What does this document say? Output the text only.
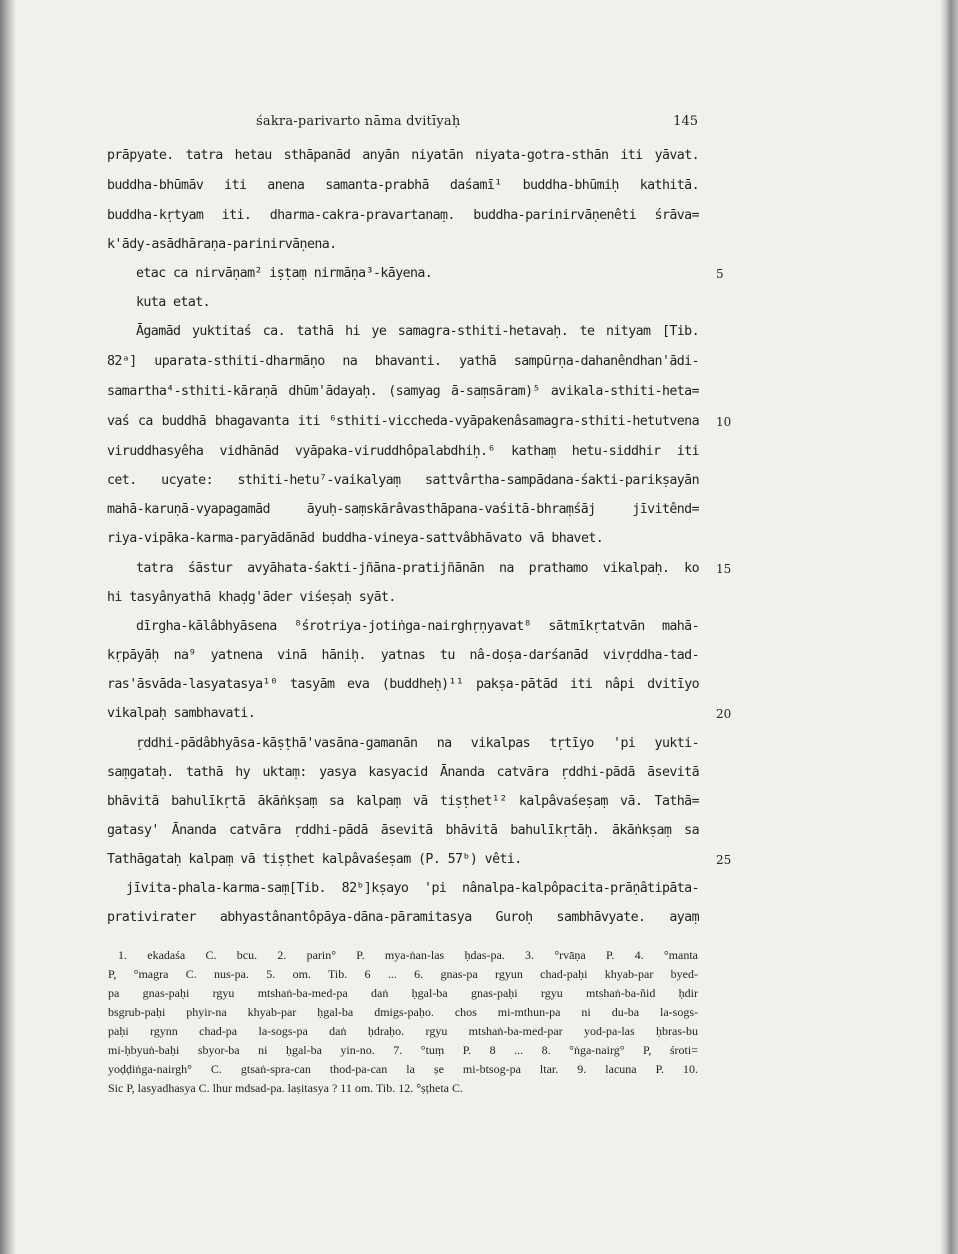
śakra-parivarto nāma dvitīyaḥ	145
prāpyate. tatra hetau sthāpanād anyān niyatān niyata-gotra-sthān iti yāvat.
buddha-bhūmāv iti anena samanta-prabhā daśamī¹ buddha-bhūmiḥ kathitā.
buddha-kṛtyam iti. dharma-cakra-pravartanaṃ. buddha-parinirvāṇenêti śrāva=
k'ādy-asādhāraṇa-parinirvāṇena.
etac ca nirvāṇam² iṣṭaṃ nirmāṇa³-kāyena.
kuta etat.
Āgamād yuktitaś ca. tathā hi ye samagra-sthiti-hetavaḥ. te nityam [Tib.
82ᵃ] uparata-sthiti-dharmāṇo na bhavanti. yathā sampūrṇa-dahanêndhan'ādi-
samartha⁴-sthiti-kāraṇā dhūm'ādayaḥ. (samyag ā-saṃsāram)⁵ avikala-sthiti-heta=
vaś ca buddhā bhagavanta iti ⁶sthiti-viccheda-vyāpakenâsamagra-sthiti-hetutvena
viruddhasyêha vidhānād vyāpaka-viruddhôpalabdhiḥ.⁶ kathaṃ hetu-siddhir iti
cet. ucyate: sthiti-hetu⁷-vaikalyaṃ sattvârtha-sampādana-śakti-parikṣayān
mahā-karuṇā-vyapagamād āyuḥ-saṃskārâvasthāpana-vaśitā-bhraṃśāj jīvitênd=
riya-vipāka-karma-paryādānād buddha-vineya-sattvâbhāvato vā bhavet.
tatra śāstur avyāhata-śakti-jñāna-pratijñānān na prathamo vikalpaḥ. ko
hi tasyânyathā khaḍg'āder viśeṣaḥ syāt.
dīrgha-kālâbhyāsena ⁸śrotriya-jotiṅga-nairghṛṇyavat⁸ sātmīkṛtatvān mahā-
kṛpāyāḥ na⁹ yatnena vinā hāniḥ. yatnas tu nâ-doṣa-darśanād vivṛddha-tad-
ras'āsvāda-lasyatasya¹⁰ tasyām eva (buddheḥ)¹¹ pakṣa-pātād iti nâpi dvitīyo
vikalpaḥ sambhavati.
ṛddhi-pādâbhyāsa-kāṣṭhā'vasāna-gamanān na vikalpas tṛtīyo 'pi yukti-
saṃgataḥ. tathā hy uktaṃ: yasya kasyacid Ānanda catvāra ṛddhi-pādā āsevitā
bhāvitā bahulīkṛtā ākāṅkṣaṃ sa kalpaṃ vā tiṣṭhet¹² kalpâvaśeṣaṃ vā. Tathā=
gatasy' Ānanda catvāra ṛddhi-pādā āsevitā bhāvitā bahulīkṛtāḥ. ākāṅkṣaṃ sa
Tathāgataḥ kalpaṃ vā tiṣṭhet kalpâvaśeṣam (P. 57ᵇ) vêti.
jīvita-phala-karma-saṃ[Tib. 82ᵇ]kṣayo 'pi nânalpa-kalpôpacita-prāṇâtipāta-
prativirater abhyastânantôpāya-dāna-pāramitasya Guroḥ sambhāvyate. ayaṃ
5
10
15
20
25
1. ekadaśa C. bcu. 2. parin° P. mya-ṅan-las ḥdas-pa. 3. °rvāṇa P. 4. °manta
P, °magra C. nus-pa. 5. om. Tib. 6 ... 6. gnas-pa rgyun chad-paḥi khyab-par byed-
pa gnas-paḥi rgyu mtshaṅ-ba-med-pa daṅ ḥgal-ba gnas-paḥi rgyu mtshaṅ-ba-ñid ḥdir
bsgrub-paḥi phyir-na khyab-par ḥgal-ba dmigs-paḥo. chos mi-mthun-pa ni du-ba la-sogs-
paḥi rgynn chad-pa la-sogs-pa daṅ ḥdraḥo. rgyu mtshaṅ-ba-med-par yod-pa-las ḥbras-bu
mi-ḥbyuṅ-baḥi sbyor-ba ni ḥgal-ba yin-no. 7. °tuṃ P. 8 ... 8. °ṅga-nairg° P, śroti=
yoḍḍiṅga-nairgh° C. gtsaṅ-spra-can thod-pa-can la ṣe mi-btsog-pa ltar. 9. lacuna P. 10.
Sic P, lasyadhasya C. lhur mdsad-pa. laṣitasya ? 11 om. Tib. 12. °ṣṭheta C.
